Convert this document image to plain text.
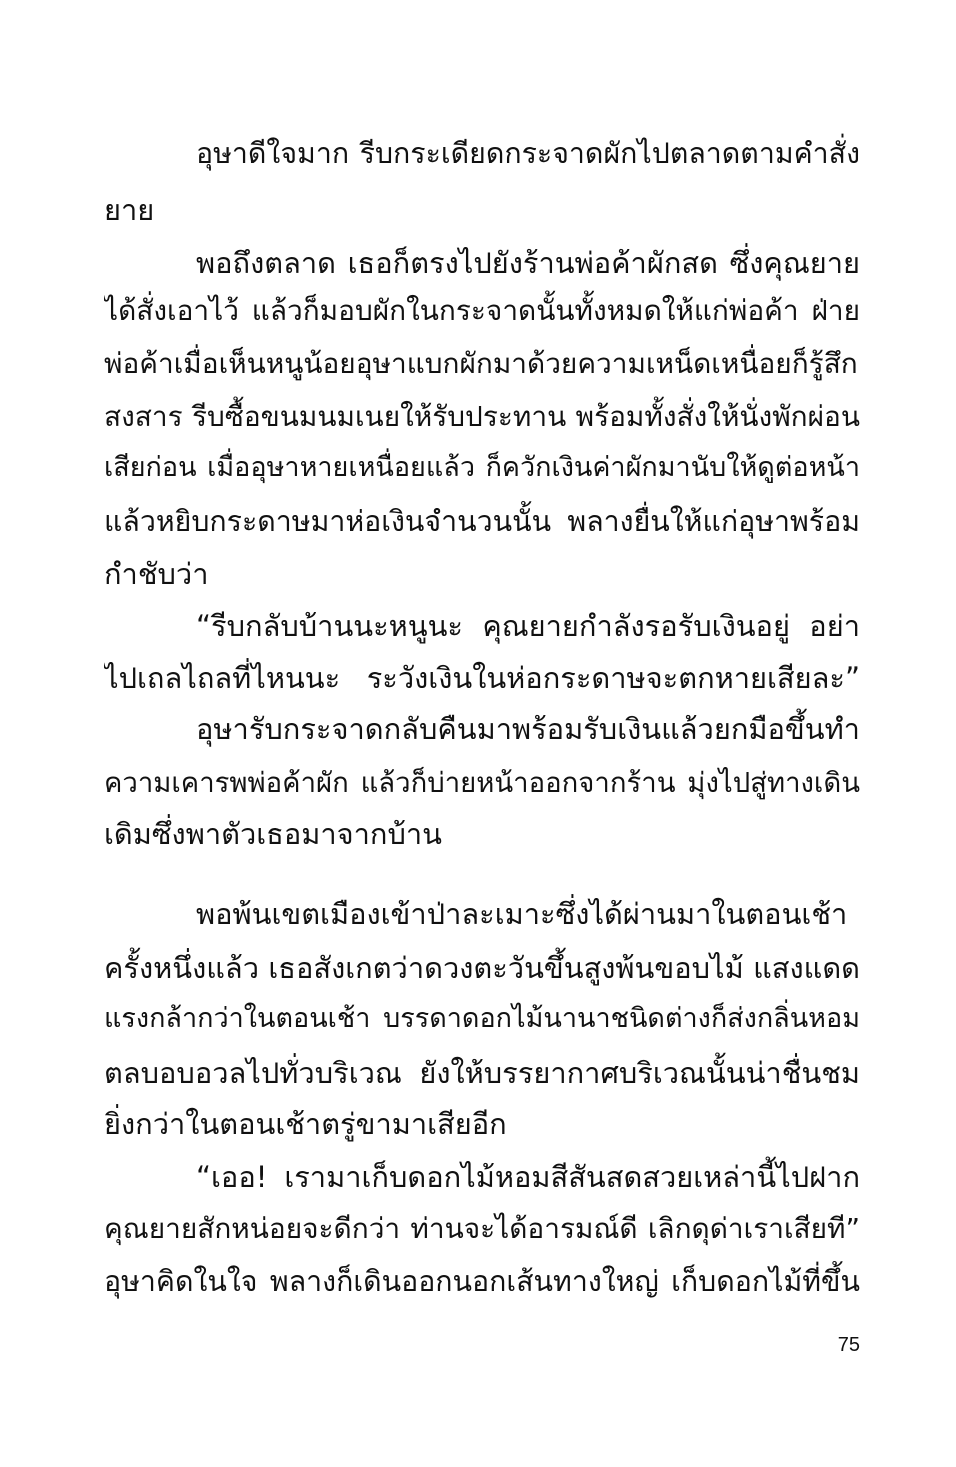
อุษาดีใจมาก รีบกระเดียดกระจาดผักไปตลาดตามคำสั่ง
ยาย
พอถึงตลาด เธอก็ตรงไปยังร้านพ่อค้าผักสด ซึ่งคุณยาย
ได้สั่งเอาไว้ แล้วก็มอบผักในกระจาดนั้นทั้งหมดให้แก่พ่อค้า ฝ่าย
พ่อค้าเมื่อเห็นหนูน้อยอุษาแบกผักมาด้วยความเหน็ดเหนื่อยก็รู้สึก
สงสาร รีบซื้อขนมนมเนยให้รับประทาน พร้อมทั้งสั่งให้นั่งพักผ่อน
เสียก่อน เมื่ออุษาหายเหนื่อยแล้ว ก็ควักเงินค่าผักมานับให้ดูต่อหน้า
แล้วหยิบกระดาษมาห่อเงินจำนวนนั้น พลางยื่นให้แก่อุษาพร้อม
กำชับว่า
“รีบกลับบ้านนะหนูนะ คุณยายกำลังรอรับเงินอยู่ อย่า
ไปเถลไถลที่ไหนนะ ระวังเงินในห่อกระดาษจะตกหายเสียละ”
อุษารับกระจาดกลับคืนมาพร้อมรับเงินแล้วยกมือขึ้นทำ
ความเคารพพ่อค้าผัก แล้วก็บ่ายหน้าออกจากร้าน มุ่งไปสู่ทางเดิน
เดิมซึ่งพาตัวเธอมาจากบ้าน
พอพ้นเขตเมืองเข้าป่าละเมาะซึ่งได้ผ่านมาในตอนเช้า
ครั้งหนึ่งแล้ว เธอสังเกตว่าดวงตะวันขึ้นสูงพ้นขอบไม้ แสงแดด
แรงกล้ากว่าในตอนเช้า บรรดาดอกไม้นานาชนิดต่างก็ส่งกลิ่นหอม
ตลบอบอวลไปทั่วบริเวณ ยังให้บรรยากาศบริเวณนั้นน่าชื่นชม
ยิ่งกว่าในตอนเช้าตรู่ขามาเสียอีก
“เออ! เรามาเก็บดอกไม้หอมสีสันสดสวยเหล่านี้ไปฝาก
คุณยายสักหน่อยจะดีกว่า ท่านจะได้อารมณ์ดี เลิกดุด่าเราเสียที”
อุษาคิดในใจ พลางก็เดินออกนอกเส้นทางใหญ่ เก็บดอกไม้ที่ขึ้น
75
